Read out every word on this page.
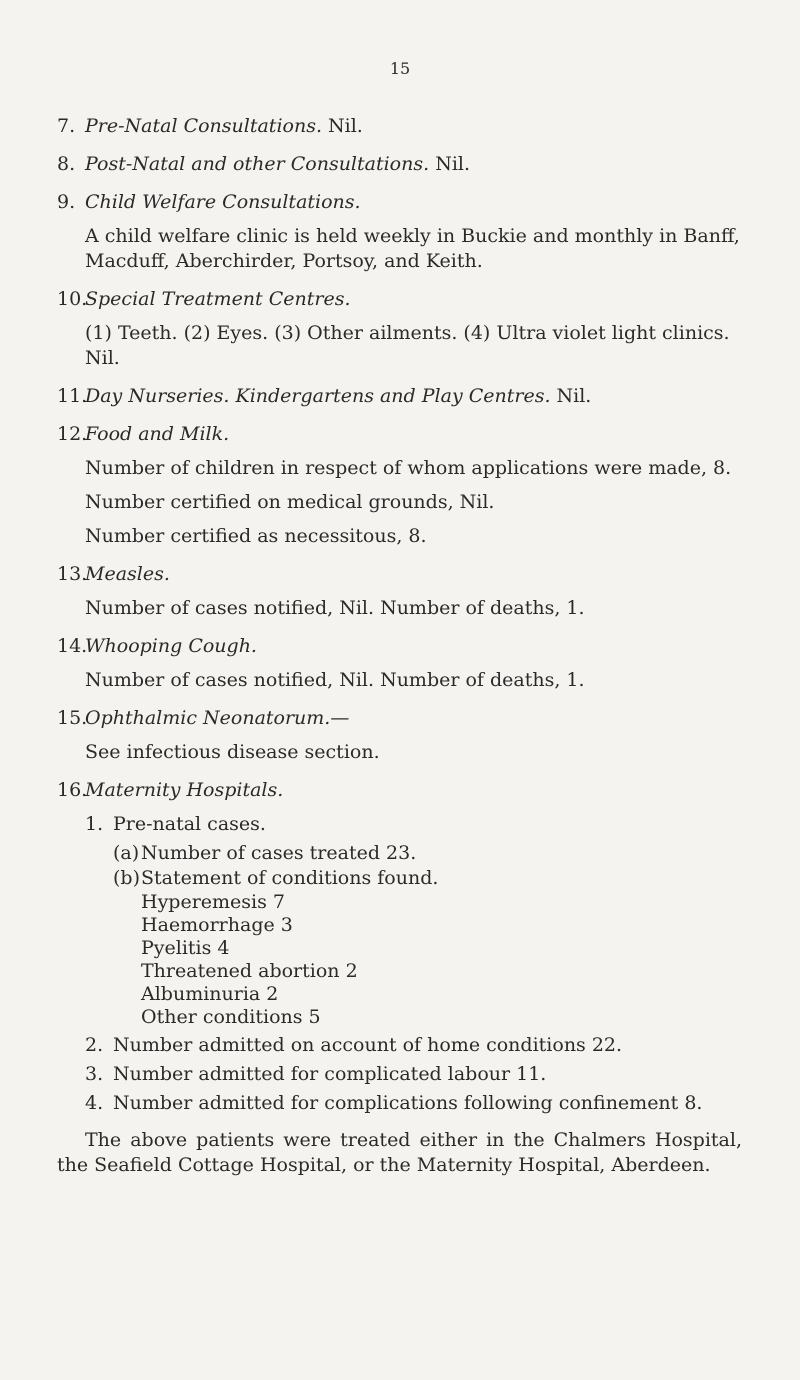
15
7. Pre-Natal Consultations. Nil.
8. Post-Natal and other Consultations. Nil.
9. Child Welfare Consultations.

A child welfare clinic is held weekly in Buckie and monthly in Banff, Macduff, Aberchirder, Portsoy, and Keith.

10.
Special Treatment Centres.

(1) Teeth. (2) Eyes. (3) Other ailments. (4) Ultra violet light clinics. Nil.

11.
Day Nurseries. Kindergartens and Play Centres. Nil.
12.
Food and Milk.

Number of children in respect of whom applications were made, 8.

Number certified on medical grounds, Nil.

Number certified as necessitous, 8.

13.
Measles.

Number of cases notified, Nil. Number of deaths, 1.

14.
Whooping Cough.

Number of cases notified, Nil. Number of deaths, 1.

15.
Ophthalmic Neonatorum.—

See infectious disease section.

16.
Maternity Hospitals.
1. Pre-natal cases.
(a) Number of cases treated 23.
(b) Statement of conditions found.
Hyperemesis 7
Haemorrhage 3
Pyelitis 4
Threatened abortion 2
Albuminuria 2
Other conditions 5
2. Number admitted on account of home conditions 22.
3. Number admitted for complicated labour 11.
4. Number admitted for complications following confinement 8.

The above patients were treated either in the Chalmers Hospital, the Seafield Cottage Hospital, or the Maternity Hospital, Aberdeen.
